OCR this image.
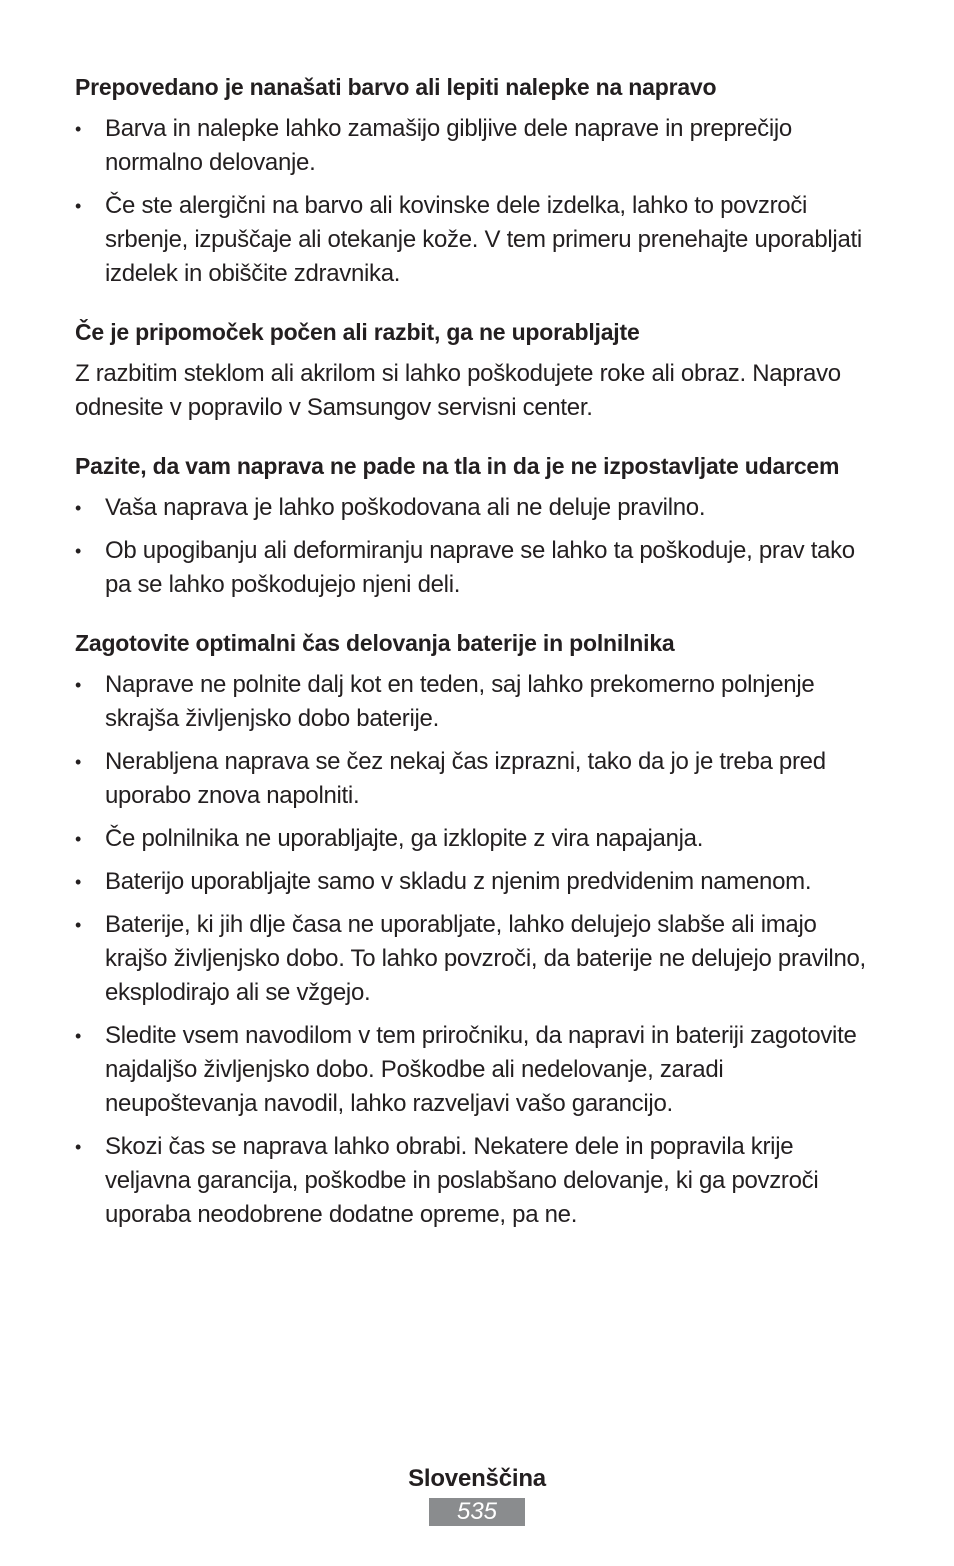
Prepovedano je nanašati barvo ali lepiti nalepke na napravo
• Barva in nalepke lahko zamašijo gibljive dele naprave in preprečijo normalno delovanje.
• Če ste alergični na barvo ali kovinske dele izdelka, lahko to povzroči srbenje, izpuščaje ali otekanje kože. V tem primeru prenehajte uporabljati izdelek in obiščite zdravnika.
Če je pripomoček počen ali razbit, ga ne uporabljajte

Z razbitim steklom ali akrilom si lahko poškodujete roke ali obraz. Napravo odnesite v popravilo v Samsungov servisni center.

Pazite, da vam naprava ne pade na tla in da je ne izpostavljate udarcem
• Vaša naprava je lahko poškodovana ali ne deluje pravilno.
• Ob upogibanju ali deformiranju naprave se lahko ta poškoduje, prav tako pa se lahko poškodujejo njeni deli.
Zagotovite optimalni čas delovanja baterije in polnilnika
• Naprave ne polnite dalj kot en teden, saj lahko prekomerno polnjenje skrajša življenjsko dobo baterije.
• Nerabljena naprava se čez nekaj čas izprazni, tako da jo je treba pred uporabo znova napolniti.
• Če polnilnika ne uporabljajte, ga izklopite z vira napajanja.
• Baterijo uporabljajte samo v skladu z njenim predvidenim namenom.
• Baterije, ki jih dlje časa ne uporabljate, lahko delujejo slabše ali imajo krajšo življenjsko dobo. To lahko povzroči, da baterije ne delujejo pravilno, eksplodirajo ali se vžgejo.
• Sledite vsem navodilom v tem priročniku, da napravi in bateriji zagotovite najdaljšo življenjsko dobo. Poškodbe ali nedelovanje, zaradi neupoštevanja navodil, lahko razveljavi vašo garancijo.
• Skozi čas se naprava lahko obrabi. Nekatere dele in popravila krije veljavna garancija, poškodbe in poslabšano delovanje, ki ga povzroči uporaba neodobrene dodatne opreme, pa ne.
Slovenščina
535
